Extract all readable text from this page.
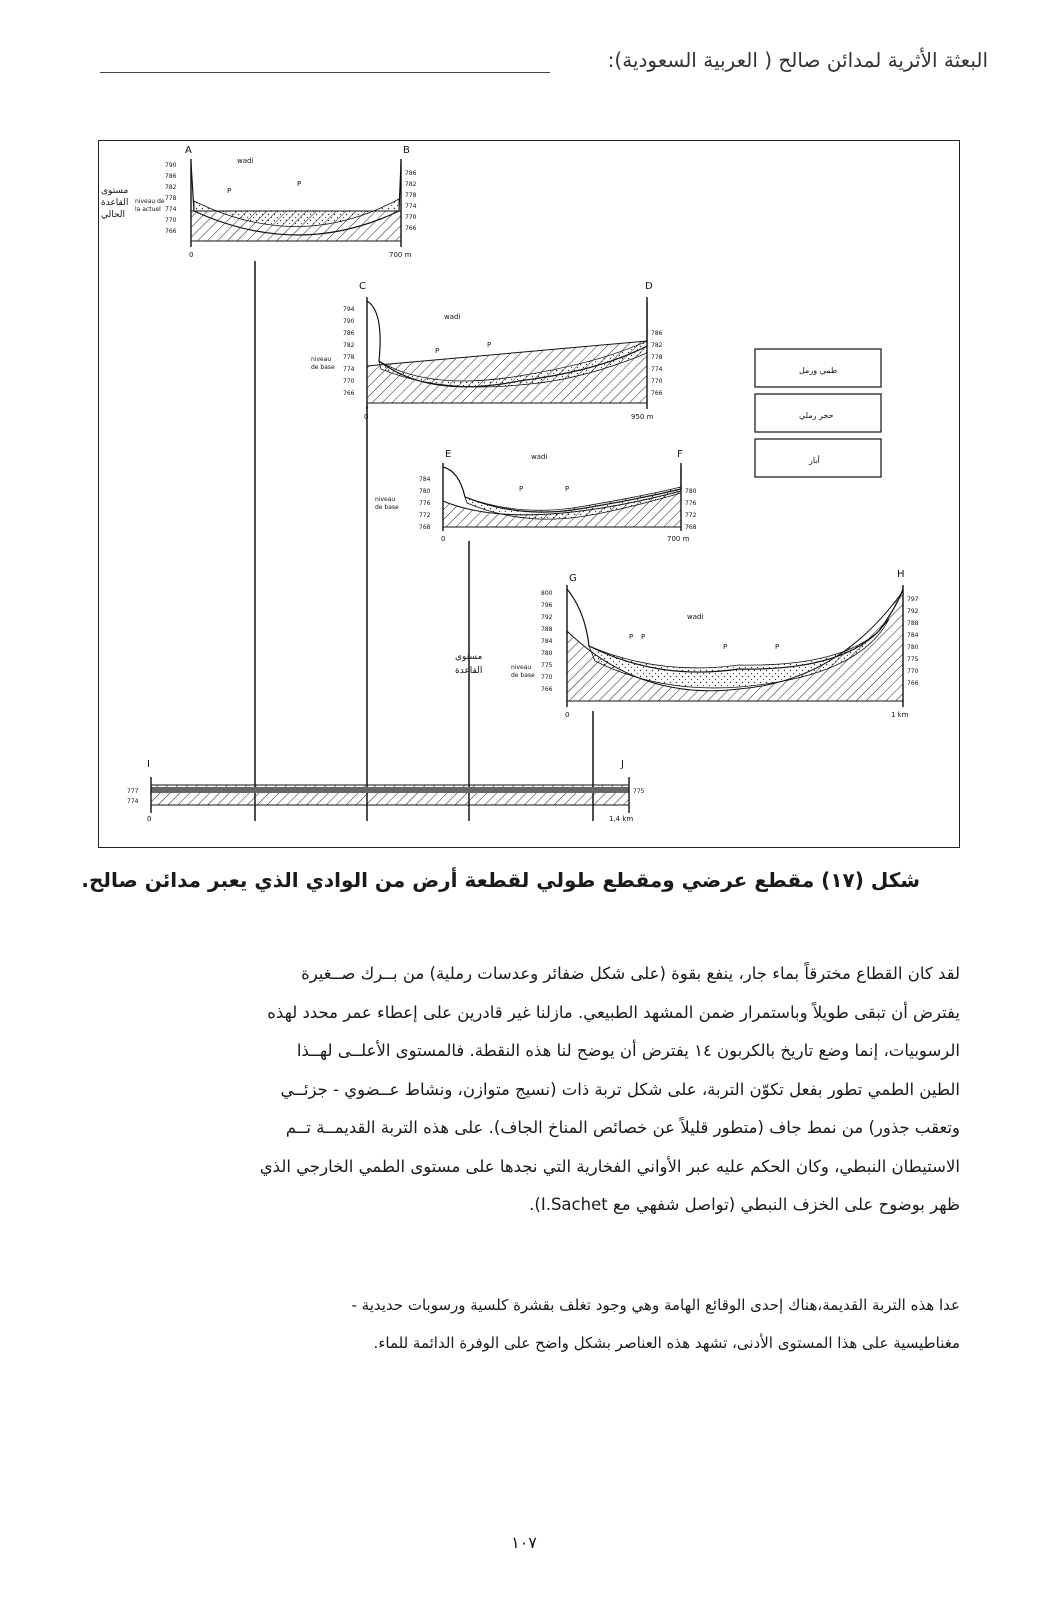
البعثة الأثرية لمدائن صالح ( العربية السعودية):
A	B
wadi
P
P
790
786
782
778
774
770
766
786
782
778
774
770
766
niveau de
la actuel
0	700 m
مستوى
القاعدة
الحالي
C	D
wadi
P
P
794
790
786
782
778
774
770
766
786
782
778
774
770
766
niveau
de base
0	950 m
طمي ورمل
حجر رملي
أبار
E	F
wadi
P	P
784
780
776
772
768
780
776
772
768
niveau
de base
0	700 m
مستوى
القاعدة
G	H
wadi
P P
P	P
800
796
792
788
784
780
775
770
766
797
792
788
784
780
775
770
766
niveau
de base
0	1 km
I	J
777
774
775
0	1,4 km
شكل (١٧) مقطع عرضي ومقطع طولي لقطعة أرض من الوادي الذي يعبر مدائن صالح.

لقد كان القطاع مخترقاً بماء جار، ينفع بقوة (على شكل ضفائر وعدسات رملية) من بــرك صــغيرة

يفترض أن تبقى طويلاً وباستمرار ضمن المشهد الطبيعي. مازلنا غير قادرين على إعطاء عمر محدد لهذه

الرسوبيات، إنما وضع تاريخ بالكربون ١٤ يفترض أن يوضح لنا هذه النقطة. فالمستوى الأعلــى لهــذا

الطين الطمي تطور بفعل تكوّن التربة، على شكل تربة ذات (نسيج متوازن، ونشاط عــضوي - جزئــي

وتعقب جذور) من نمط جاف (متطور قليلاً عن خصائص المناخ الجاف). على هذه التربة القديمــة تــم

الاستيطان النبطي، وكان الحكم عليه عبر الأواني الفخارية التي نجدها على مستوى الطمي الخارجي الذي

ظهر بوضوح على الخزف النبطي (تواصل شفهي مع I.Sachet).

عدا هذه التربة القديمة،هناك إحدى الوقائع الهامة وهي وجود تغلف بقشرة كلسية ورسوبات حديدية -

مغناطيسية على هذا المستوى الأدنى، تشهد هذه العناصر بشكل واضح على الوفرة الدائمة للماء.

١٠٧
